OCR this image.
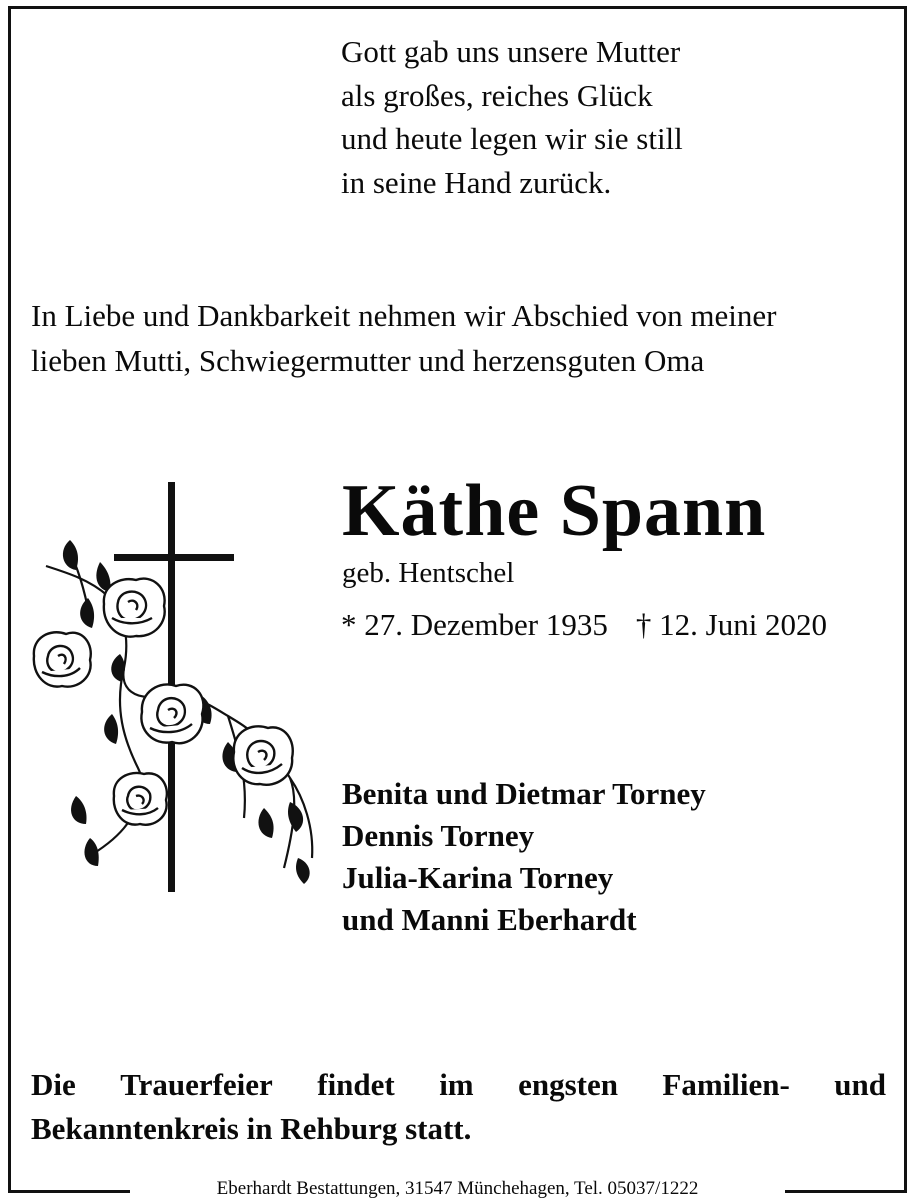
Gott gab uns unsere Mutter
als großes, reiches Glück
und heute legen wir sie still
in seine Hand zurück.
In Liebe und Dankbarkeit nehmen wir Abschied von meiner
lieben Mutti, Schwiegermutter und herzensguten Oma
Käthe Spann
geb. Hentschel
* 27. Dezember 1935 † 12. Juni 2020
Benita und Dietmar Torney
Dennis Torney
Julia-Karina Torney
und Manni Eberhardt
Die Trauerfeier findet im engsten Familien- und
Bekanntenkreis in Rehburg statt.
Eberhardt Bestattungen, 31547 Münchehagen, Tel. 05037/1222
